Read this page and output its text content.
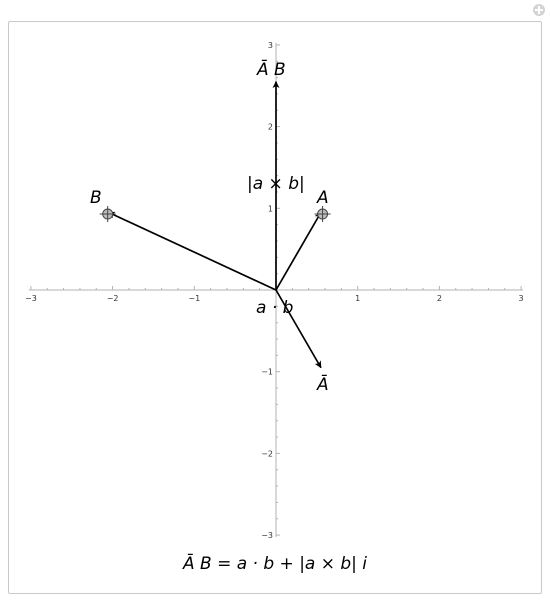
−3
−3
−2
−2
−1
−1
1
1
2
2
3
3
B	A
Ā
Ā B
|a × b|
a · b
Ā B = a · b + |a × b| i
